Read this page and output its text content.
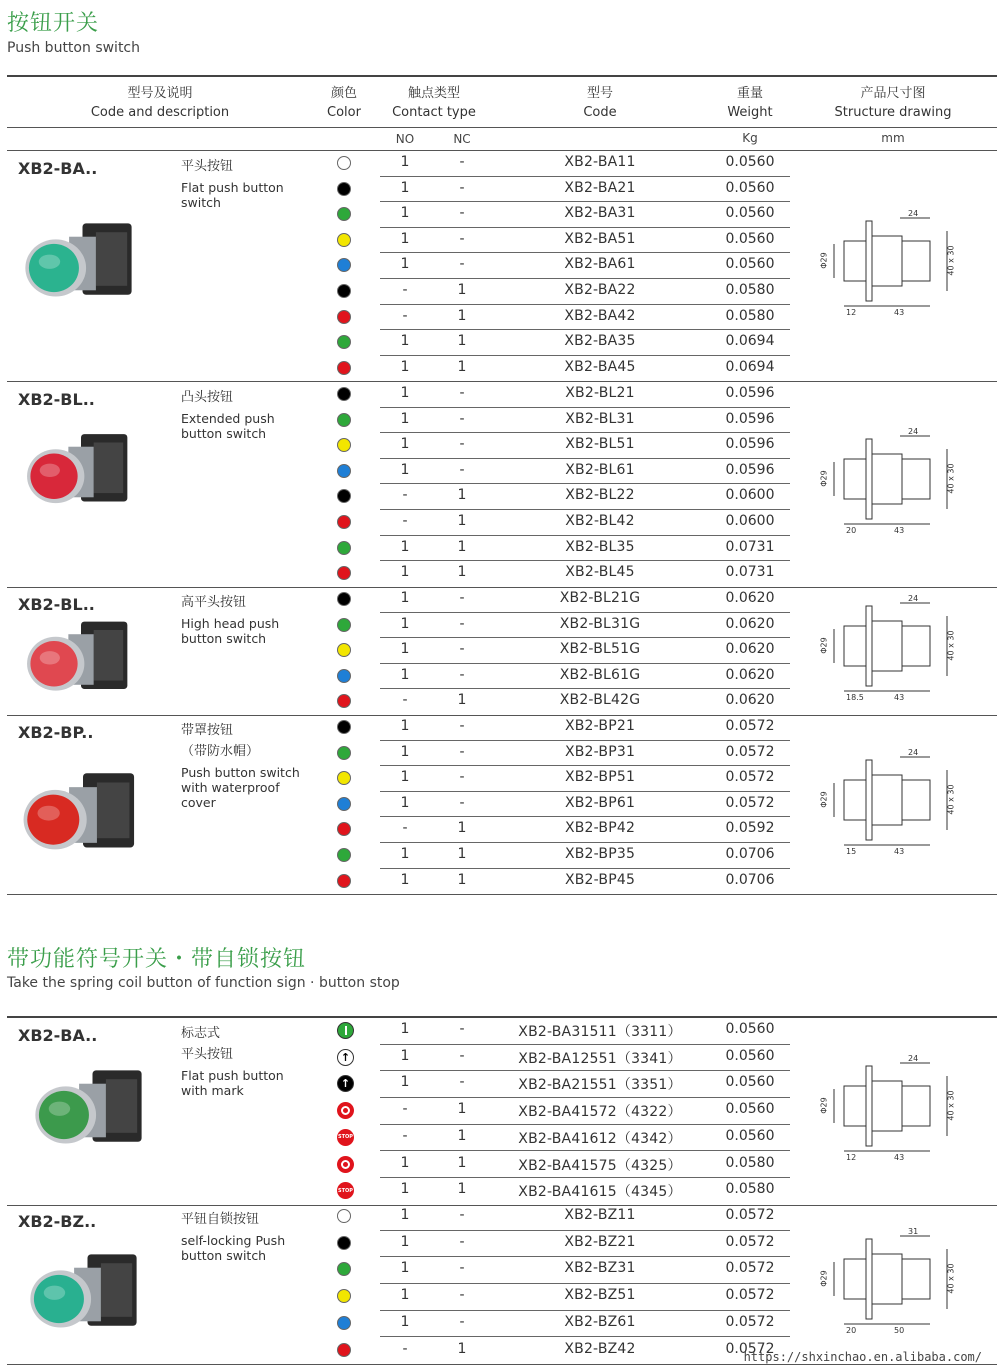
按钮开关
Push button switch
型号及说明
Code and description
颜色
Color
触点类型
Contact type
型号
Code
重量
Weight
产品尺寸图
Structure drawing
NO	NC	Kg	mm
XB2-BA..	平头按钮
Flat push button switch
1	-	XB2-BA11	0.0560
1	-	XB2-BA21	0.0560
1	-	XB2-BA31	0.0560
1	-	XB2-BA51	0.0560
1	-	XB2-BA61	0.0560
-	1	XB2-BA22	0.0580
-	1	XB2-BA42	0.0580
1	1	XB2-BA35	0.0694
1	1	XB2-BA45	0.0694
24
43
12
Φ29	40 x 30
XB2-BL..	凸头按钮
Extended push button switch
1	-	XB2-BL21	0.0596
1	-	XB2-BL31	0.0596
1	-	XB2-BL51	0.0596
1	-	XB2-BL61	0.0596
-	1	XB2-BL22	0.0600
-	1	XB2-BL42	0.0600
1	1	XB2-BL35	0.0731
1	1	XB2-BL45	0.0731
24
43
20
Φ29	40 x 30
XB2-BL..	高平头按钮
High head push button switch
1	-	XB2-BL21G	0.0620
1	-	XB2-BL31G	0.0620
1	-	XB2-BL51G	0.0620
1	-	XB2-BL61G	0.0620
-	1	XB2-BL42G	0.0620
24
43
18.5
Φ29	40 x 30
XB2-BP..	带罩按钮
（带防水帽）
Push button switch with waterproof cover
1	-	XB2-BP21	0.0572
1	-	XB2-BP31	0.0572
1	-	XB2-BP51	0.0572
1	-	XB2-BP61	0.0572
-	1	XB2-BP42	0.0592
1	1	XB2-BP35	0.0706
1	1	XB2-BP45	0.0706
24
43
15
Φ29	40 x 30
带功能符号开关・带自锁按钮
Take the spring coil button of function sign · button stop
XB2-BA..	标志式
平头按钮
Flat push button with mark
1	-	XB2-BA31511（3311）	0.0560
↑	1	-	XB2-BA12551（3341）	0.0560
↑	1	-	XB2-BA21551（3351）	0.0560
-	1	XB2-BA41572（4322）	0.0560
STOP	-	1	XB2-BA41612（4342）	0.0560
1	1	XB2-BA41575（4325）	0.0580
STOP	1	1	XB2-BA41615（4345）	0.0580
24
43
12
Φ29	40 x 30
XB2-BZ..	平钮自锁按钮
self-locking Push button switch
1	-	XB2-BZ11	0.0572
1	-	XB2-BZ21	0.0572
1	-	XB2-BZ31	0.0572
1	-	XB2-BZ51	0.0572
1	-	XB2-BZ61	0.0572
-	1	XB2-BZ42	0.0572
31
50
20
Φ29	40 x 30
https://shxinchao.en.alibaba.com/
